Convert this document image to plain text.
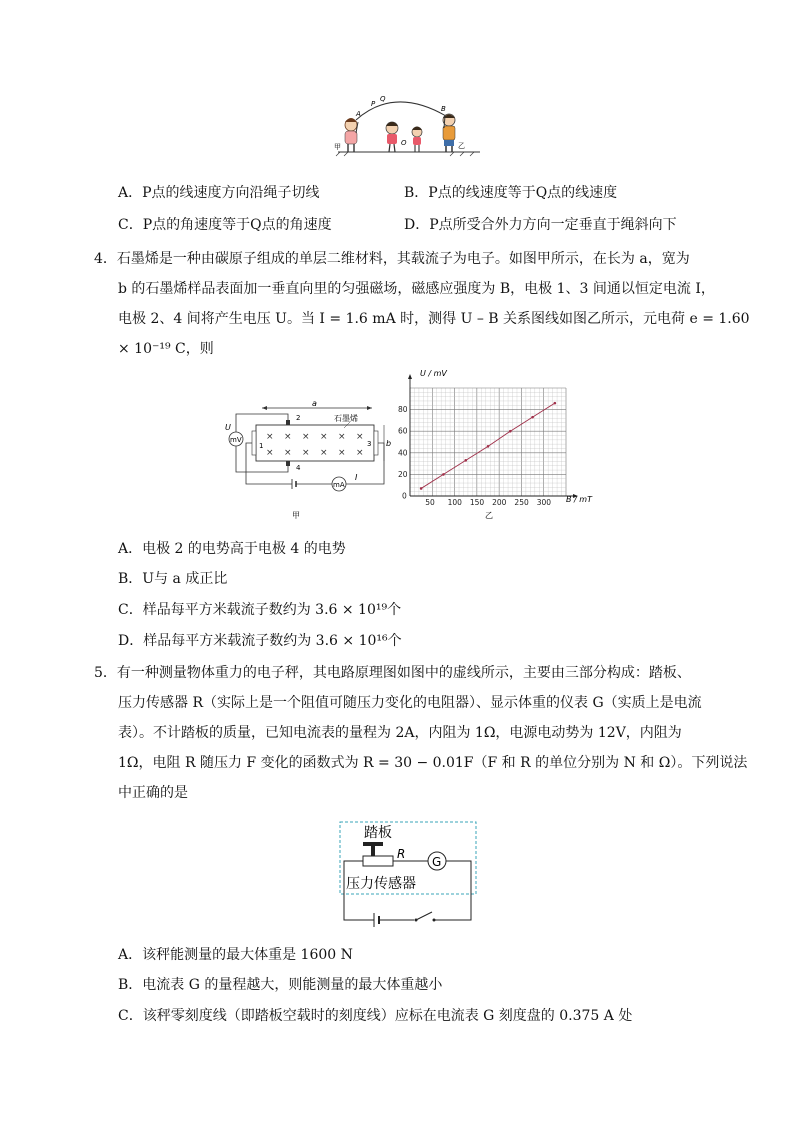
A
P
Q
B
O
甲	乙
A．P点的线速度方向沿绳子切线	B．P点的线速度等于Q点的线速度
C．P点的角速度等于Q点的角速度	D．P点所受合外力方向一定垂直于绳斜向下
4．石墨烯是一种由碳原子组成的单层二维材料，其载流子为电子。如图甲所示，在长为 a，宽为
b 的石墨烯样品表面加一垂直向里的匀强磁场，磁感应强度为 B，电极 1、3 间通以恒定电流 I，
电极 2、4 间将产生电压 U。当 I = 1.6 mA 时，测得 U – B 关系图线如图乙所示，元电荷 e = 1.60
× 10⁻¹⁹ C，则
a
× × × × × ×
× × × × × ×
石墨烯
1	3 b
2
4
mV
U
mA
I
甲
50 100 150 200 250 300
0
20
40
60
80
U / mV
B / mT
乙
A．电极 2 的电势高于电极 4 的电势
B．U与 a 成正比
C．样品每平方米载流子数约为 3.6 × 10¹⁹个
D．样品每平方米载流子数约为 3.6 × 10¹⁶个
5．有一种测量物体重力的电子秤，其电路原理图如图中的虚线所示，主要由三部分构成：踏板、
压力传感器 R（实际上是一个阻值可随压力变化的电阻器）、显示体重的仪表 G（实质上是电流
表）。不计踏板的质量，已知电流表的量程为 2A，内阻为 1Ω，电源电动势为 12V，内阻为
1Ω，电阻 R 随压力 F 变化的函数式为 R = 30 − 0.01F（F 和 R 的单位分别为 N 和 Ω）。下列说法
中正确的是
踏板
R
G
压力传感器
A．该秤能测量的最大体重是 1600 N
B．电流表 G 的量程越大，则能测量的最大体重越小
C．该秤零刻度线（即踏板空载时的刻度线）应标在电流表 G 刻度盘的 0.375 A 处
